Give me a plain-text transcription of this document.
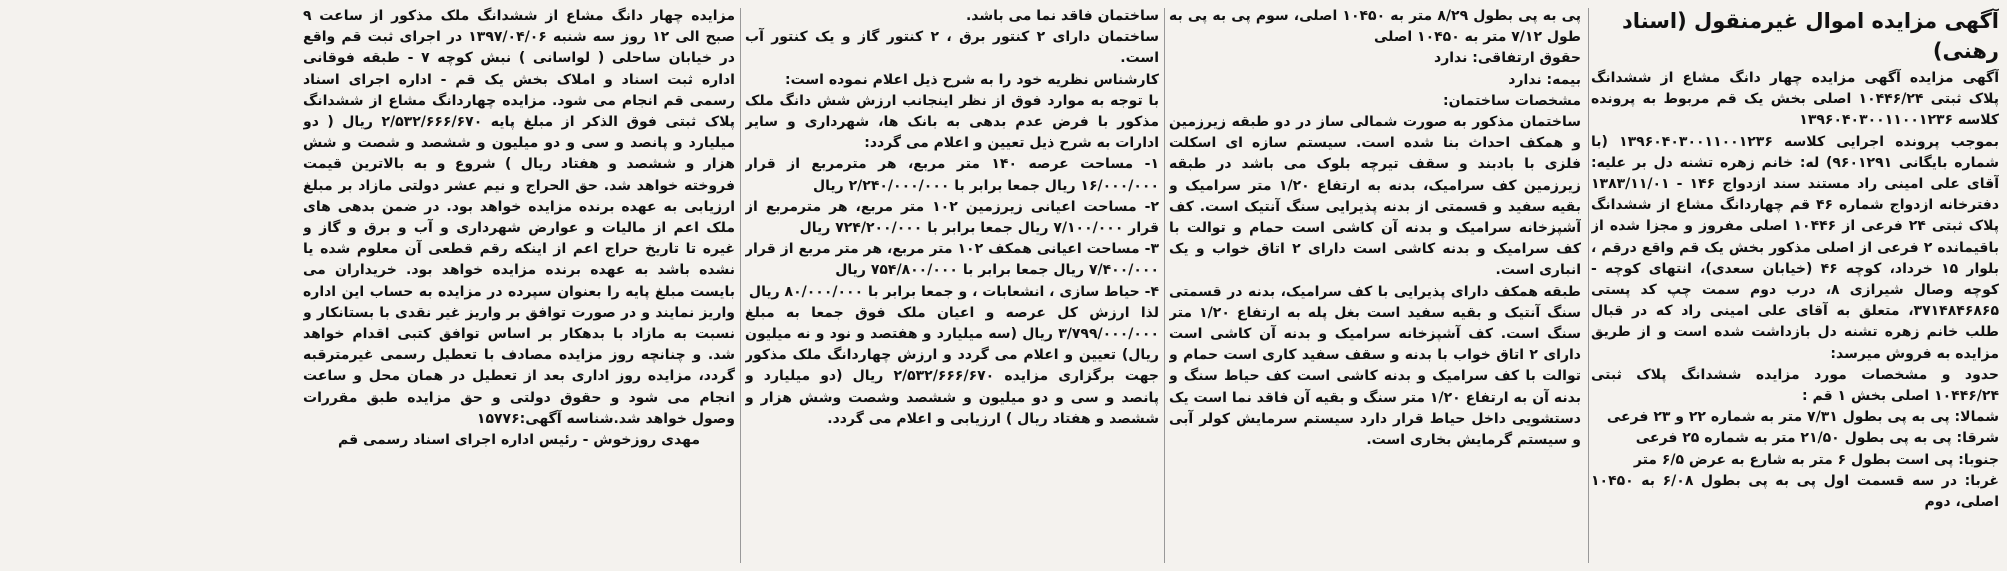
آگهی مزایده اموال غیرمنقول (اسناد رهنی)

آگهی مزایده آگهی مزایده چهار دانگ مشاع از ششدانگ پلاک ثبتی ۱۰۴۴۶/۲۴ اصلی بخش یک قم مربوط به پرونده کلاسه ۱۳۹۶۰۴۰۳۰۰۱۱۰۰۱۲۳۶

بموجب پرونده اجرایی کلاسه ۱۳۹۶۰۴۰۳۰۰۱۱۰۰۱۲۳۶ (با شماره بایگانی ۹۶۰۱۲۹۱) له: خانم زهره تشنه دل بر علیه: آقای علی امینی راد مستند سند ازدواج ۱۴۶ - ۱۳۸۳/۱۱/۰۱ دفترخانه ازدواج شماره ۴۶ قم چهاردانگ مشاع از ششدانگ پلاک ثبتی ۲۴ فرعی از ۱۰۴۴۶ اصلی مفروز و مجزا شده از باقیمانده ۲ فرعی از اصلی مذکور بخش یک قم واقع درقم ، بلوار ۱۵ خرداد، کوچه ۴۶ (خیابان سعدی)، انتهای کوچه - کوچه وصال شیرازی ۸، درب دوم سمت چپ کد پستی ۳۷۱۴۸۴۶۸۶۵، متعلق به آقای علی امینی راد که در قبال طلب خانم زهره تشنه دل بازداشت شده است و از طریق مزایده به فروش میرسد:

حدود و مشخصات مورد مزایده ششدانگ پلاک ثبتی ۱۰۴۴۶/۲۴ اصلی بخش ۱ قم :

شمالا: پی به پی بطول ۷/۳۱ متر به شماره ۲۲ و ۲۳ فرعی

شرقا: پی به پی بطول ۲۱/۵۰ متر به شماره ۲۵ فرعی

جنوبا: پی است بطول ۶ متر به شارع به عرض ۶/۵ متر

غربا: در سه قسمت اول پی به پی بطول ۶/۰۸ به ۱۰۴۵۰ اصلی، دوم

پی به پی بطول ۸/۲۹ متر به ۱۰۴۵۰ اصلی، سوم پی به پی به طول ۷/۱۲ متر به ۱۰۴۵۰ اصلی

حقوق ارتفاقی: ندارد

بیمه: ندارد

مشخصات ساختمان:

ساختمان مذکور به صورت شمالی ساز در دو طبقه زیرزمین و همکف احداث بنا شده است. سیستم سازه ای اسکلت فلزی با بادبند و سقف تیرچه بلوک می باشد در طبقه زیرزمین کف سرامیک، بدنه به ارتفاع ۱/۲۰ متر سرامیک و بقیه سفید و قسمتی از بدنه پذیرایی سنگ آنتیک است. کف آشپزخانه سرامیک و بدنه آن کاشی است حمام و توالت با کف سرامیک و بدنه کاشی است دارای ۲ اتاق خواب و یک انباری است.

طبقه همکف دارای پذیرایی با کف سرامیک، بدنه در قسمتی سنگ آنتیک و بقیه سفید است بغل پله به ارتفاع ۱/۲۰ متر سنگ است. کف آشپزخانه سرامیک و بدنه آن کاشی است دارای ۲ اتاق خواب با بدنه و سقف سفید کاری است حمام و توالت با کف سرامیک و بدنه کاشی است کف حیاط سنگ و بدنه آن به ارتفاع ۱/۲۰ متر سنگ و بقیه آن فاقد نما است یک دستشویی داخل حیاط قرار دارد سیستم سرمایش کولر آبی و سیستم گرمایش بخاری است.

ساختمان فاقد نما می باشد.

ساختمان دارای ۲ کنتور برق ، ۲ کنتور گاز و یک کنتور آب است.

کارشناس نظریه خود را به شرح ذیل اعلام نموده است:

با توجه به موارد فوق از نظر اینجانب ارزش شش دانگ ملک مذکور با فرض عدم بدهی به بانک ها، شهرداری و سایر ادارات به شرح ذیل تعیین و اعلام می گردد:

۱- مساحت عرصه ۱۴۰ متر مربع، هر مترمربع از قرار ۱۶/۰۰۰/۰۰۰ ریال جمعا برابر با ۲/۲۴۰/۰۰۰/۰۰۰ ریال

۲- مساحت اعیانی زیرزمین ۱۰۲ متر مربع، هر مترمربع از قرار ۷/۱۰۰/۰۰۰ ریال جمعا برابر با ۷۲۴/۲۰۰/۰۰۰ ریال

۳- مساحت اعیانی همکف ۱۰۲ متر مربع، هر متر مربع از قرار ۷/۴۰۰/۰۰۰ ریال جمعا برابر با ۷۵۴/۸۰۰/۰۰۰ ریال

۴- حیاط سازی ، انشعابات ، و جمعا برابر با ۸۰/۰۰۰/۰۰۰ ریال

لذا ارزش کل عرصه و اعیان ملک فوق جمعا به مبلغ ۳/۷۹۹/۰۰۰/۰۰۰ ریال (سه میلیارد و هفتصد و نود و نه میلیون ریال) تعیین و اعلام می گردد و ارزش چهاردانگ ملک مذکور جهت برگزاری مزایده ۲/۵۳۲/۶۶۶/۶۷۰ ریال (دو میلیارد و پانصد و سی و دو میلیون و ششصد وشصت وشش هزار و ششصد و هفتاد ریال ) ارزیابی و اعلام می گردد.

مزایده چهار دانگ مشاع از ششدانگ ملک مذکور از ساعت ۹ صبح الی ۱۲ روز سه شنبه ۱۳۹۷/۰۴/۰۶ در اجرای ثبت قم واقع در خیابان ساحلی ( لواسانی ) نبش کوچه ۷ - طبقه فوقانی اداره ثبت اسناد و املاک بخش یک قم - اداره اجرای اسناد رسمی قم انجام می شود. مزایده چهاردانگ مشاع از ششدانگ پلاک ثبتی فوق الذکر از مبلغ پایه ۲/۵۳۲/۶۶۶/۶۷۰ ریال ( دو میلیارد و پانصد و سی و دو میلیون و ششصد و شصت و شش هزار و ششصد و هفتاد ریال ) شروع و به بالاترین قیمت فروخته خواهد شد. حق الحراج و نیم عشر دولتی مازاد بر مبلغ ارزیابی به عهده برنده مزایده خواهد بود. در ضمن بدهی های ملک اعم از مالیات و عوارض شهرداری و آب و برق و گاز و غیره تا تاریخ حراج اعم از اینکه رقم قطعی آن معلوم شده یا نشده باشد به عهده برنده مزایده خواهد بود. خریداران می بایست مبلغ پایه را بعنوان سپرده در مزایده به حساب این اداره واریز نمایند و در صورت توافق بر واریز غیر نقدی با بستانکار و نسبت به مازاد با بدهکار بر اساس توافق کتبی اقدام خواهد شد. و چنانچه روز مزایده مصادف با تعطیل رسمی غیرمترقبه گردد، مزایده روز اداری بعد از تعطیل در همان محل و ساعت انجام می شود و حقوق دولتی و حق مزایده طبق مقررات وصول خواهد شد.شناسه آگهی:۱۵۷۷۶

مهدی روزخوش - رئیس اداره اجرای اسناد رسمی قم
